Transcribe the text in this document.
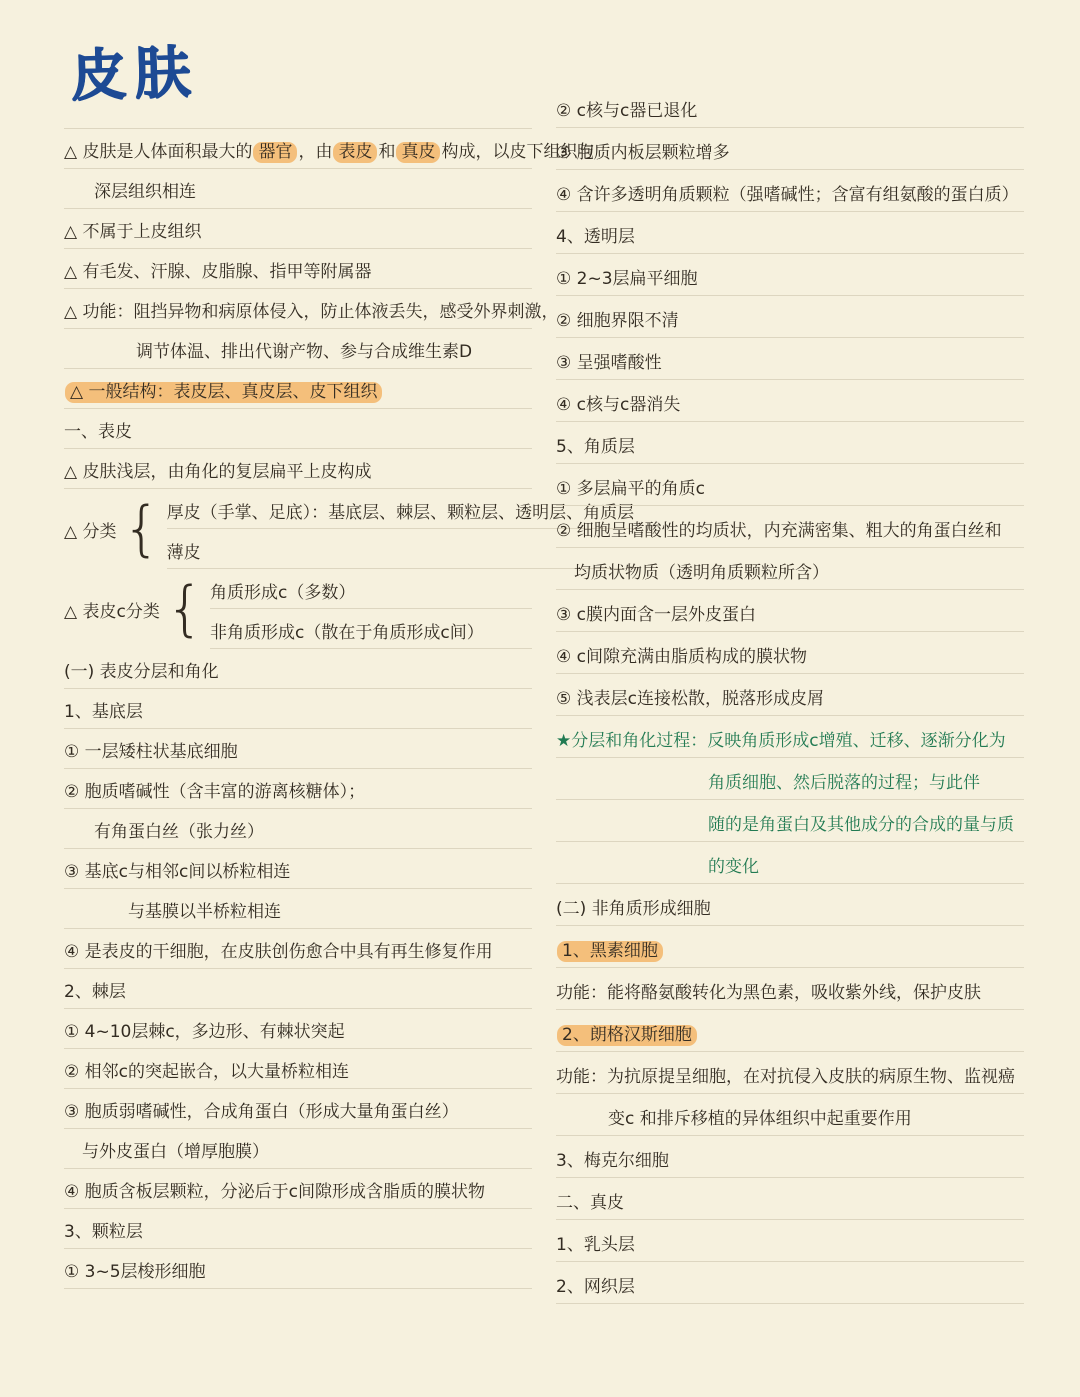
皮肤
△ 皮肤是人体面积最大的 器官 ，由 表皮 和 真皮 构成，以皮下组织与
深层组织相连
△ 不属于上皮组织
△ 有毛发、汗腺、皮脂腺、指甲等附属器
△ 功能：阻挡异物和病原体侵入，防止体液丢失，感受外界刺激，
调节体温、排出代谢产物、参与合成维生素D
△ 一般结构：表皮层、真皮层、皮下组织
一、表皮
△ 皮肤浅层，由角化的复层扁平上皮构成
△ 分类 { 厚皮（手掌、足底）：基底层、棘层、颗粒层、透明层、角质层
薄皮
△ 表皮c分类 { 角质形成c（多数）
非角质形成c（散在于角质形成c间）
(一) 表皮分层和角化
1、基底层
① 一层矮柱状基底细胞
② 胞质嗜碱性（含丰富的游离核糖体）；
有角蛋白丝（张力丝）
③ 基底c与相邻c间以桥粒相连
与基膜以半桥粒相连
④ 是表皮的干细胞，在皮肤创伤愈合中具有再生修复作用
2、棘层
① 4~10层棘c，多边形、有棘状突起
② 相邻c的突起嵌合，以大量桥粒相连
③ 胞质弱嗜碱性，合成角蛋白（形成大量角蛋白丝）
与外皮蛋白（增厚胞膜）
④ 胞质含板层颗粒，分泌后于c间隙形成含脂质的膜状物
3、颗粒层
① 3~5层梭形细胞
② c核与c器已退化
③ 胞质内板层颗粒增多
④ 含许多透明角质颗粒（强嗜碱性；含富有组氨酸的蛋白质）
4、透明层
① 2~3层扁平细胞
② 细胞界限不清
③ 呈强嗜酸性
④ c核与c器消失
5、角质层
① 多层扁平的角质c
② 细胞呈嗜酸性的均质状，内充满密集、粗大的角蛋白丝和
均质状物质（透明角质颗粒所含）
③ c膜内面含一层外皮蛋白
④ c间隙充满由脂质构成的膜状物
⑤ 浅表层c连接松散，脱落形成皮屑
★分层和角化过程：反映角质形成c增殖、迁移、逐渐分化为
角质细胞、然后脱落的过程；与此伴
随的是角蛋白及其他成分的合成的量与质
的变化
(二) 非角质形成细胞
1、黑素细胞
功能：能将酪氨酸转化为黑色素，吸收紫外线，保护皮肤
2、朗格汉斯细胞
功能：为抗原提呈细胞，在对抗侵入皮肤的病原生物、监视癌
变c 和排斥移植的异体组织中起重要作用
3、梅克尔细胞
二、真皮
1、乳头层
2、网织层
